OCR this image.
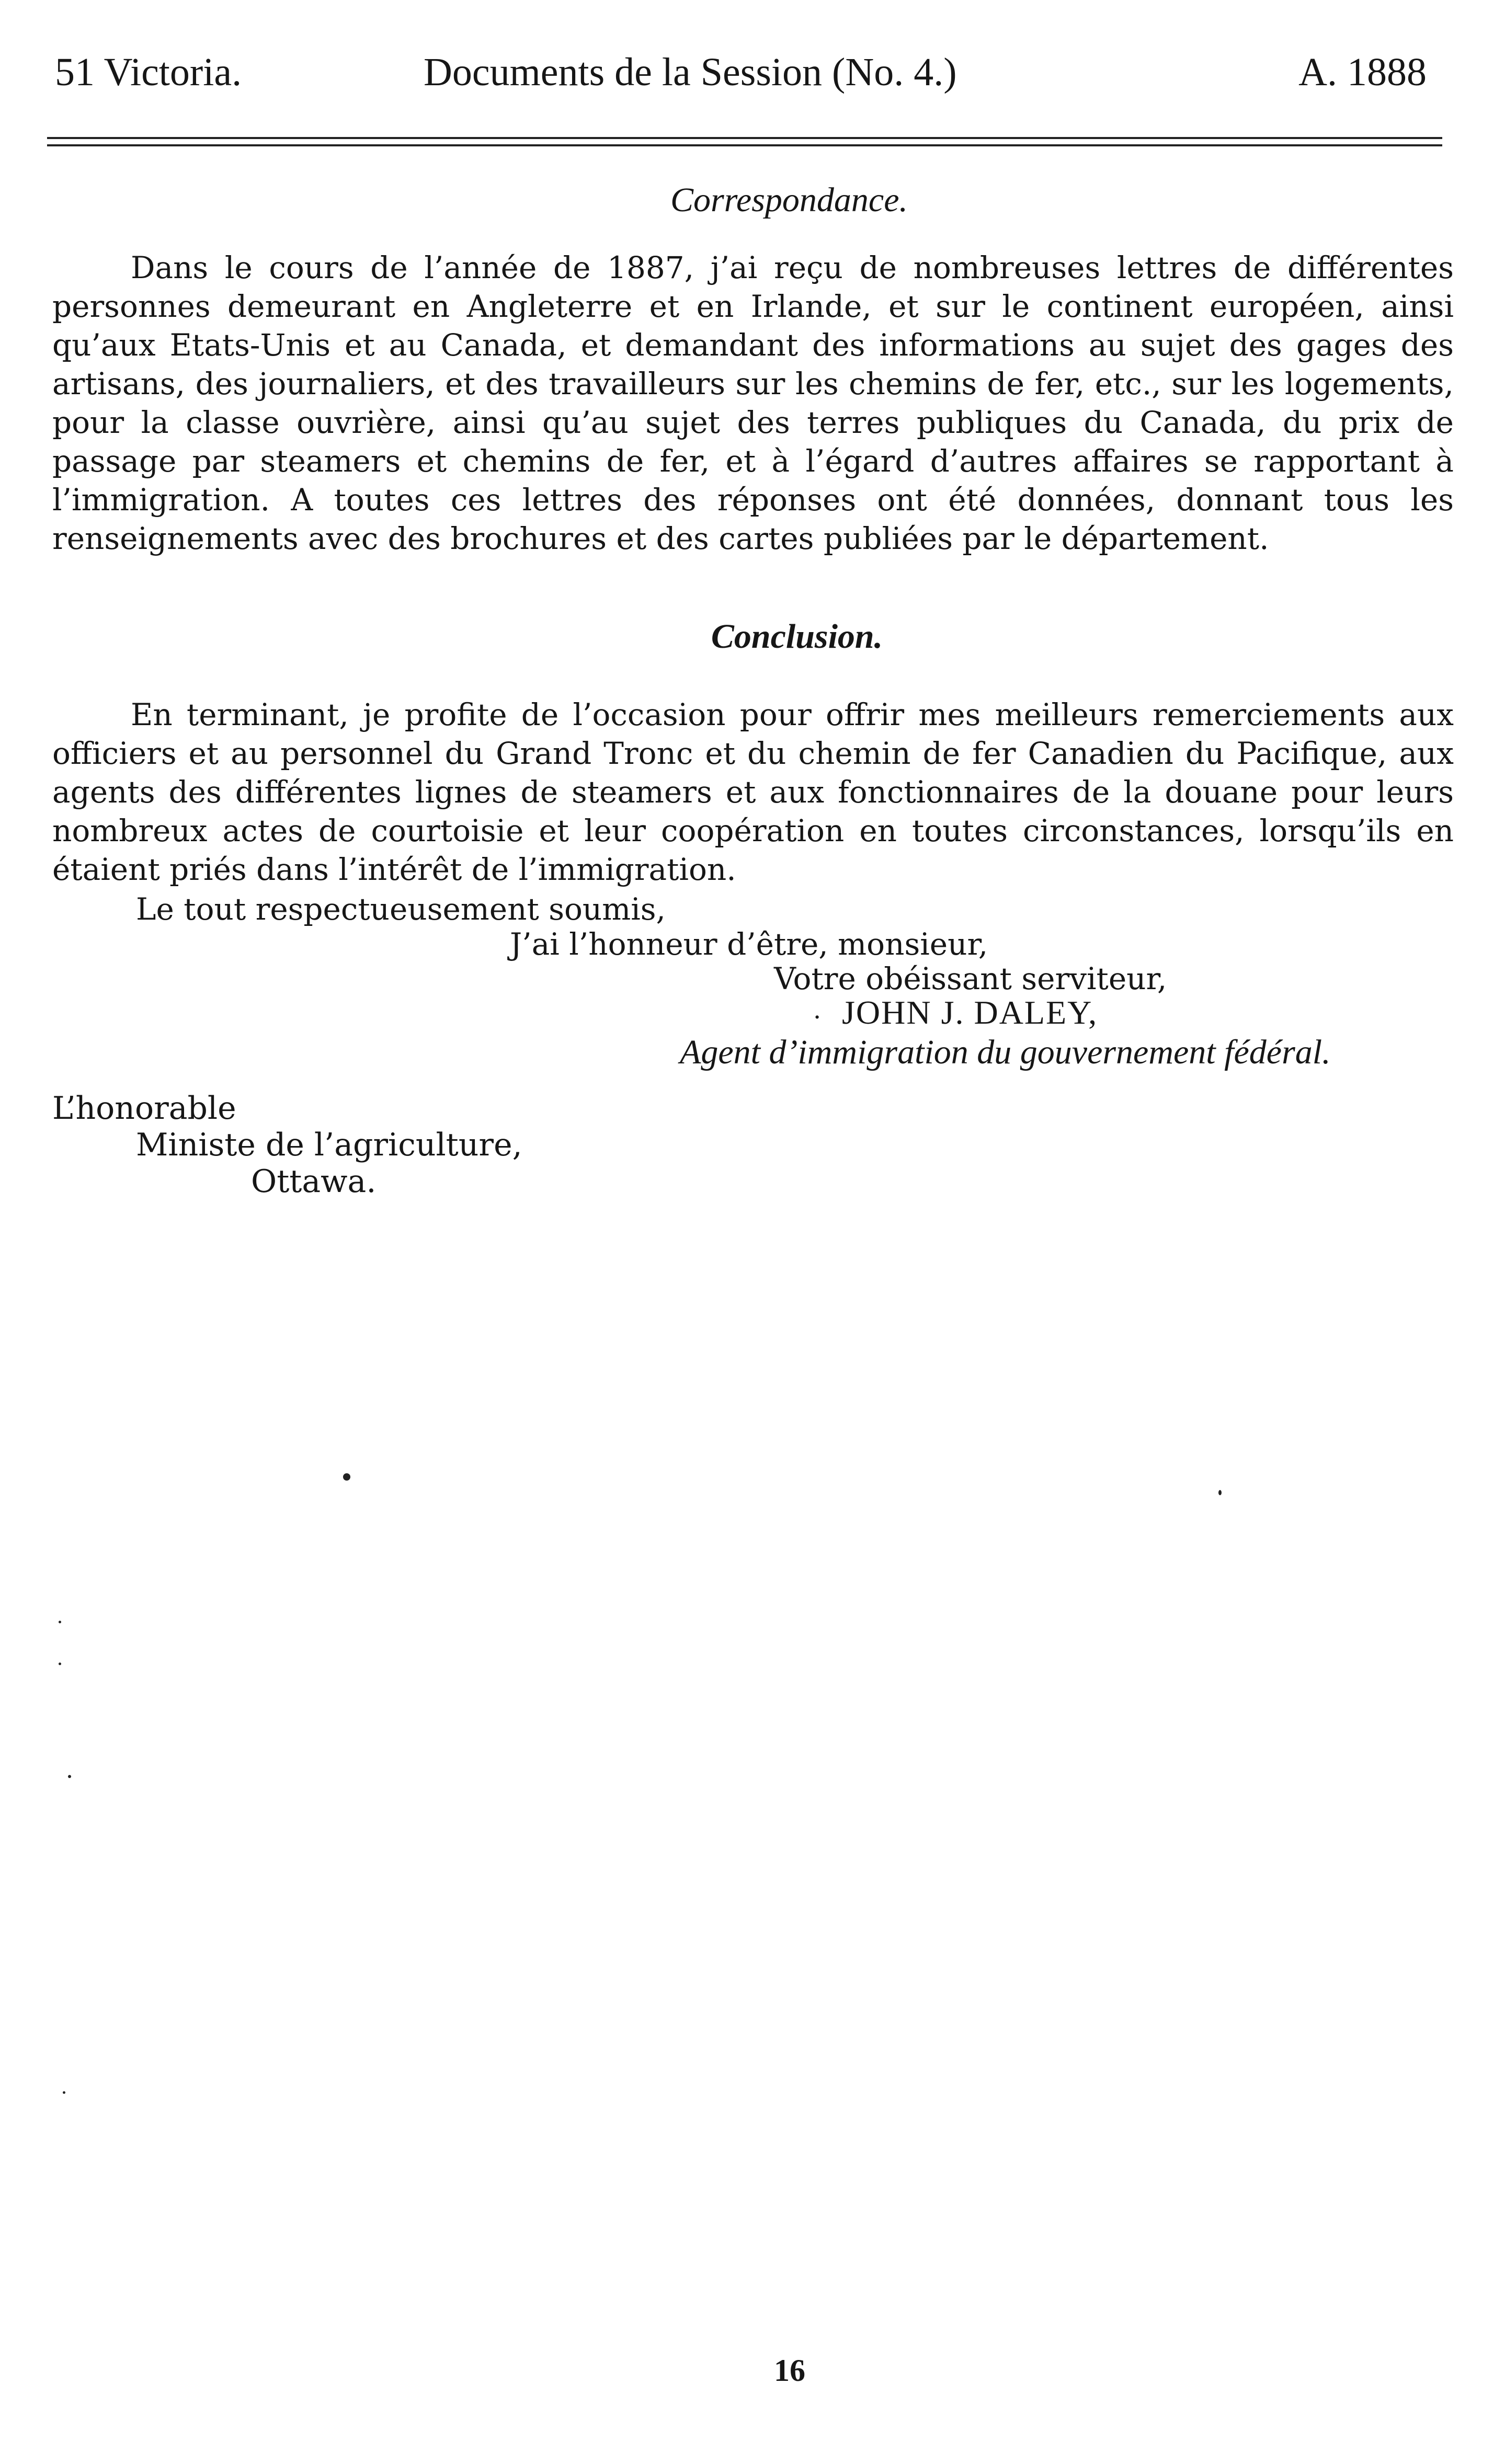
51 Victoria.	Documents de la Session (No. 4.)	A. 1888
Correspondance.

Dans le cours de l’année de 1887, j’ai reçu de nombreuses lettres de différentes personnes demeurant en Angleterre et en Irlande, et sur le continent européen, ainsi qu’aux Etats-Unis et au Canada, et demandant des informations au sujet des gages des artisans, des journaliers, et des travailleurs sur les chemins de fer, etc., sur les logements, pour la classe ouvrière, ainsi qu’au sujet des terres publiques du Canada, du prix de passage par steamers et chemins de fer, et à l’égard d’autres affaires se rapportant à l’immigration. A toutes ces lettres des réponses ont été données, donnant tous les renseignements avec des brochures et des cartes publiées par le département.

Conclusion.

En terminant, je profite de l’occasion pour offrir mes meilleurs remerciements aux officiers et au personnel du Grand Tronc et du chemin de fer Canadien du Pacifique, aux agents des différentes lignes de steamers et aux fonctionnaires de la douane pour leurs nombreux actes de courtoisie et leur coopération en toutes circonstances, lorsqu’ils en étaient priés dans l’intérêt de l’immigration.

Le tout respectueusement soumis,
J’ai l’honneur d’être, monsieur,
Votre obéissant serviteur,
· JOHN J. DALEY,
Agent d’immigration du gouvernement fédéral.
L’honorable
Ministe de l’agriculture,
Ottawa.
16
